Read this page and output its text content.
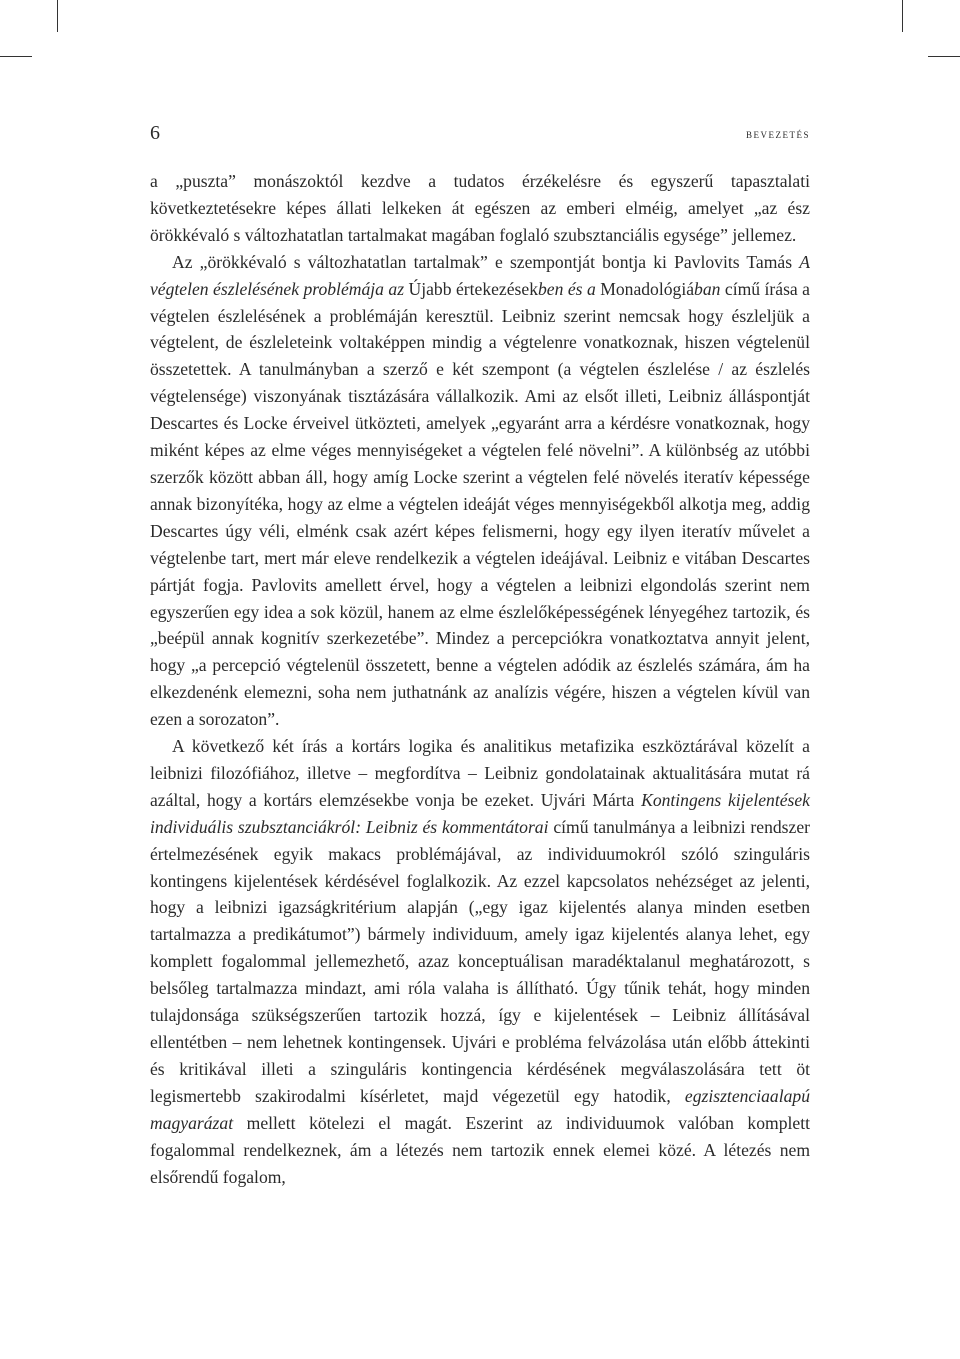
6	bevezetés

a „puszta” monászoktól kezdve a tudatos érzékelésre és egyszerű tapasztalati következtetésekre képes állati lelkeken át egészen az emberi elméig, amelyet „az ész örökkévaló s változhatatlan tartalmakat magában foglaló szubsztanciális egysége” jellemez.

Az „örökkévaló s változhatatlan tartalmak” e szempontját bontja ki Pavlovits Tamás A végtelen észlelésének problémája az Újabb értekezésekben és a Monadológiában című írása a végtelen észlelésének a problémáján keresztül. Leibniz szerint nemcsak hogy észleljük a végtelent, de észleleteink voltaképpen mindig a végtelenre vonatkoznak, hiszen végtelenül összetettek. A tanulmányban a szerző e két szempont (a végtelen észlelése / az észlelés végtelensége) viszonyának tisztázására vállalkozik. Ami az elsőt illeti, Leibniz álláspontját Descartes és Locke érveivel ütközteti, amelyek „egyaránt arra a kérdésre vonatkoznak, hogy miként képes az elme véges mennyiségeket a végtelen felé növelni”. A különbség az utóbbi szerzők között abban áll, hogy amíg Locke szerint a végtelen felé növelés iteratív képessége annak bizonyítéka, hogy az elme a végtelen ideáját véges mennyiségekből alkotja meg, addig Descartes úgy véli, elménk csak azért képes felismerni, hogy egy ilyen iteratív művelet a végtelenbe tart, mert már eleve rendelkezik a végtelen ideájával. Leibniz e vitában Descartes pártját fogja. Pavlovits amellett érvel, hogy a végtelen a leibnizi elgondolás szerint nem egyszerűen egy idea a sok közül, hanem az elme észlelőképességének lényegéhez tartozik, és „beépül annak kognitív szerkezetébe”. Mindez a percepciókra vonatkoztatva annyit jelent, hogy „a percepció végtelenül összetett, benne a végtelen adódik az észlelés számára, ám ha elkezdenénk elemezni, soha nem juthatnánk az analízis végére, hiszen a végtelen kívül van ezen a sorozaton”.

A következő két írás a kortárs logika és analitikus metafizika eszköztárával közelít a leibnizi filozófiához, illetve – megfordítva – Leibniz gondolatainak aktualitására mutat rá azáltal, hogy a kortárs elemzésekbe vonja be ezeket. Ujvári Márta Kontingens kijelentések individuális szubsztanciákról: Leibniz és kommentátorai című tanulmánya a leibnizi rendszer értelmezésének egyik makacs problémájával, az individuumokról szóló szinguláris kontingens kijelentések kérdésével foglalkozik. Az ezzel kapcsolatos nehézséget az jelenti, hogy a leibnizi igazságkritérium alapján („egy igaz kijelentés alanya minden esetben tartalmazza a predikátumot”) bármely individuum, amely igaz kijelentés alanya lehet, egy komplett fogalommal jellemezhető, azaz konceptuálisan maradéktalanul meghatározott, s belsőleg tartalmazza mindazt, ami róla valaha is állítható. Úgy tűnik tehát, hogy minden tulajdonsága szükségszerűen tartozik hozzá, így e kijelentések – Leibniz állításával ellentétben – nem lehetnek kontingensek. Ujvári e probléma felvázolása után előbb áttekinti és kritikával illeti a szinguláris kontingencia kérdésének megválaszolására tett öt legismertebb szakirodalmi kísérletet, majd végezetül egy hatodik, egzisztenciaalapú magyarázat mellett kötelezi el magát. Eszerint az individuumok valóban komplett fogalommal rendelkeznek, ám a létezés nem tartozik ennek elemei közé. A létezés nem elsőrendű fogalom,
